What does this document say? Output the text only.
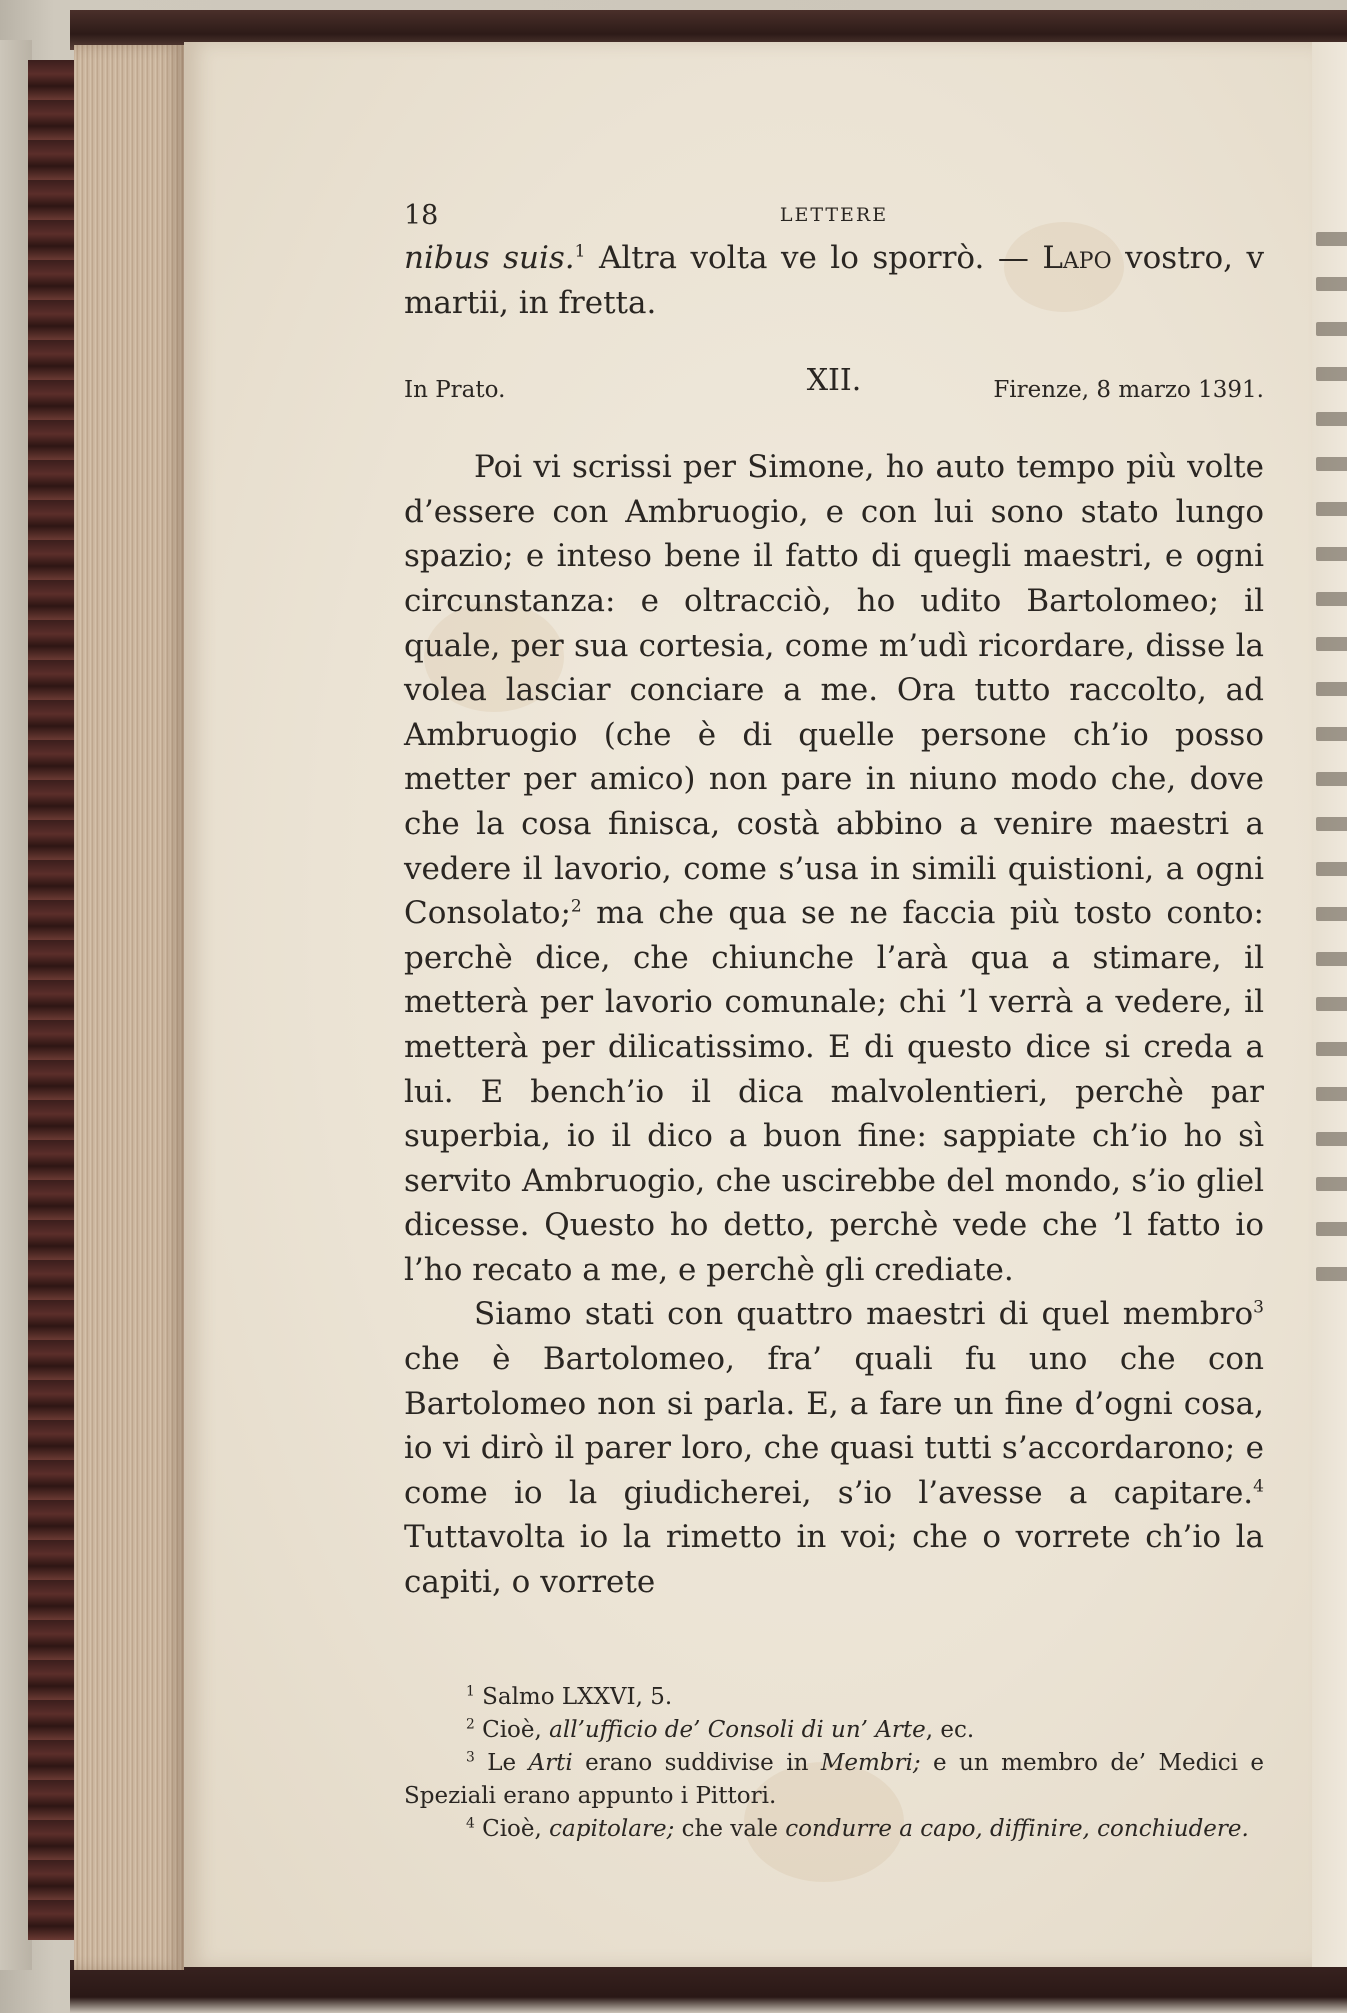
18	LETTERE

nibus suis.$^1$ Altra volta ve lo sporrò. — Lapo vostro, v martii, in fretta.

In Prato.	XII.	Firenze, 8 marzo 1391.

Poi vi scrissi per Simone, ho auto tempo più volte d’essere con Ambruogio, e con lui sono stato lungo spazio; e inteso bene il fatto di quegli maestri, e ogni circunstanza: e oltracciò, ho udito Bartolomeo; il quale, per sua cortesia, come m’udì ricordare, disse la volea lasciar conciare a me. Ora tutto raccolto, ad Ambruogio (che è di quelle persone ch’io posso metter per amico) non pare in niuno modo che, dove che la cosa finisca, costà abbino a venire maestri a vedere il lavorio, come s’usa in simili quistioni, a ogni Consolato;$^2$ ma che qua se ne faccia più tosto conto: perchè dice, che chiunche l’arà qua a stimare, il metterà per lavorio comunale; chi ’l verrà a vedere, il metterà per dilicatissimo. E di questo dice si creda a lui. E bench’io il dica malvolentieri, perchè par superbia, io il dico a buon fine: sappiate ch’io ho sì servito Ambruogio, che uscirebbe del mondo, s’io gliel dicesse. Questo ho detto, perchè vede che ’l fatto io l’ho recato a me, e perchè gli crediate.

Siamo stati con quattro maestri di quel membro$^3$ che è Bartolomeo, fra’ quali fu uno che con Bartolomeo non si parla. E, a fare un fine d’ogni cosa, io vi dirò il parer loro, che quasi tutti s’accordarono; e come io la giudicherei, s’io l’avesse a capitare.$^4$ Tuttavolta io la rimetto in voi; che o vorrete ch’io la capiti, o vorrete

$^1$ Salmo LXXVI, 5.

$^2$ Cioè, all’ufficio de’ Consoli di un’ Arte, ec.

$^3$ Le Arti erano suddivise in Membri; e un membro de’ Medici e Speziali erano appunto i Pittori.

$^4$ Cioè, capitolare; che vale condurre a capo, diffinire, conchiudere.
